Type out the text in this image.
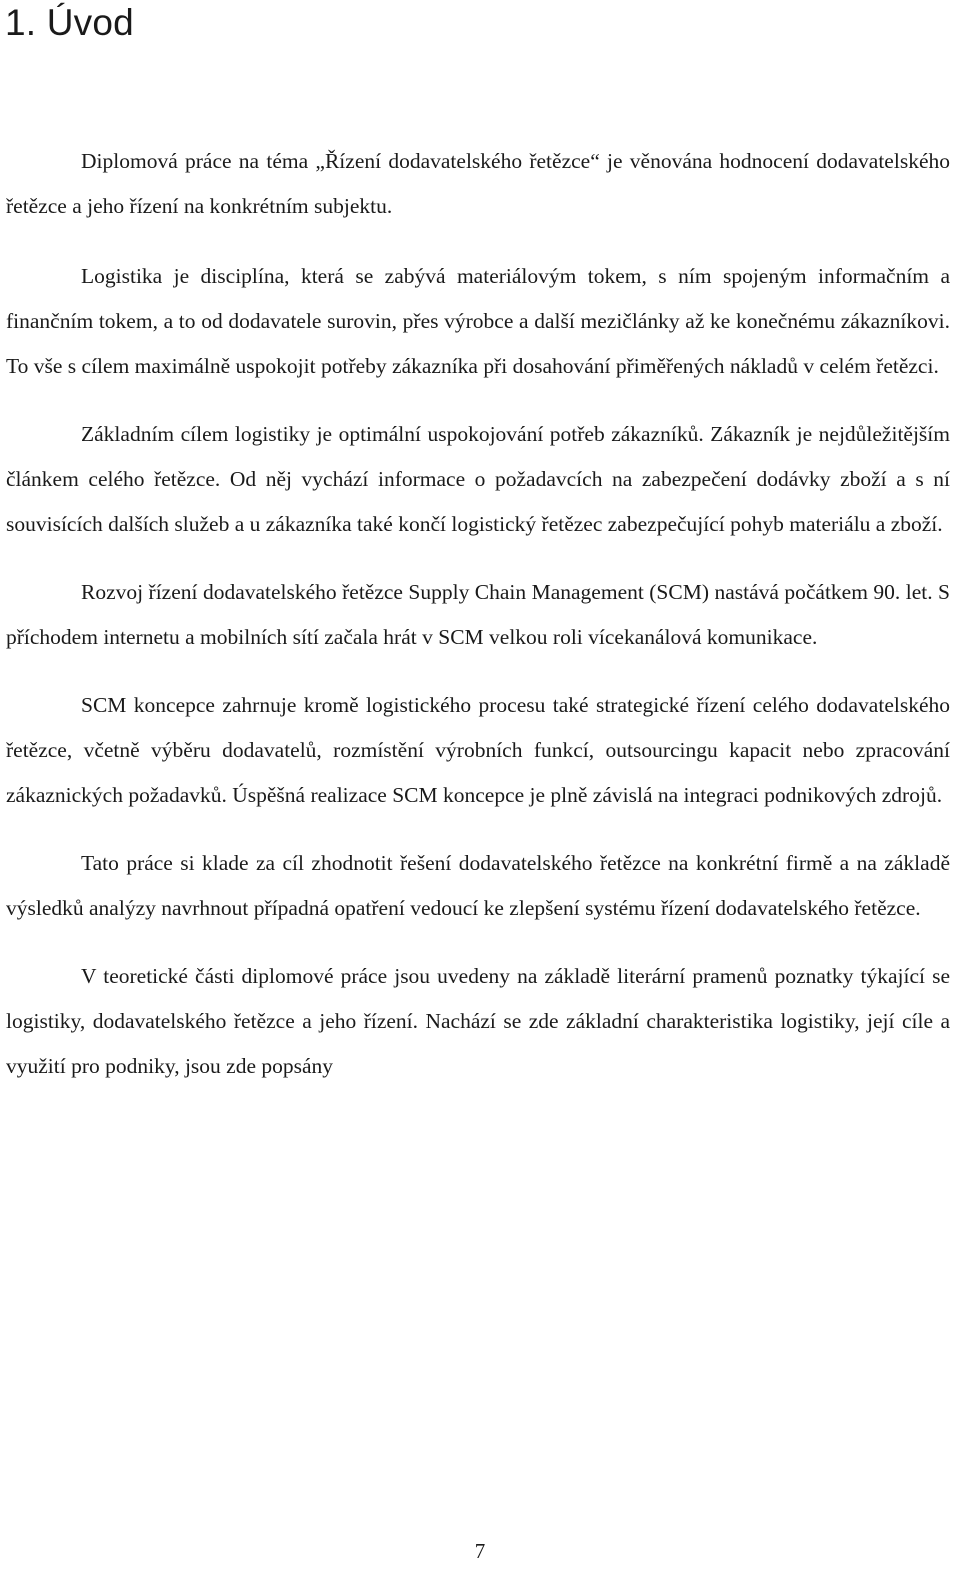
1. Úvod

Diplomová práce na téma „Řízení dodavatelského řetězce“ je věnována hodnocení dodavatelského řetězce a jeho řízení na konkrétním subjektu.

Logistika je disciplína, která se zabývá materiálovým tokem, s ním spojeným informačním a finančním tokem, a to od dodavatele surovin, přes výrobce a další mezičlánky až ke konečnému zákazníkovi. To vše s cílem maximálně uspokojit potřeby zákazníka při dosahování přiměřených nákladů v celém řetězci.

Základním cílem logistiky je optimální uspokojování potřeb zákazníků. Zákazník je nejdůležitějším článkem celého řetězce. Od něj vychází informace o požadavcích na zabezpečení dodávky zboží a s ní souvisících dalších služeb a u zákazníka také končí logistický řetězec zabezpečující pohyb materiálu a zboží.

Rozvoj řízení dodavatelského řetězce Supply Chain Management (SCM) nastává počátkem 90. let. S příchodem internetu a mobilních sítí začala hrát v SCM velkou roli vícekanálová komunikace.

SCM koncepce zahrnuje kromě logistického procesu také strategické řízení celého dodavatelského řetězce, včetně výběru dodavatelů, rozmístění výrobních funkcí, outsourcingu kapacit nebo zpracování zákaznických požadavků. Úspěšná realizace SCM koncepce je plně závislá na integraci podnikových zdrojů.

Tato práce si klade za cíl zhodnotit řešení dodavatelského řetězce na konkrétní firmě a na základě výsledků analýzy navrhnout případná opatření vedoucí ke zlepšení systému řízení dodavatelského řetězce.

V teoretické části diplomové práce jsou uvedeny na základě literární pramenů poznatky týkající se logistiky, dodavatelského řetězce a jeho řízení. Nachází se zde základní charakteristika logistiky, její cíle a využití pro podniky, jsou zde popsány

7
